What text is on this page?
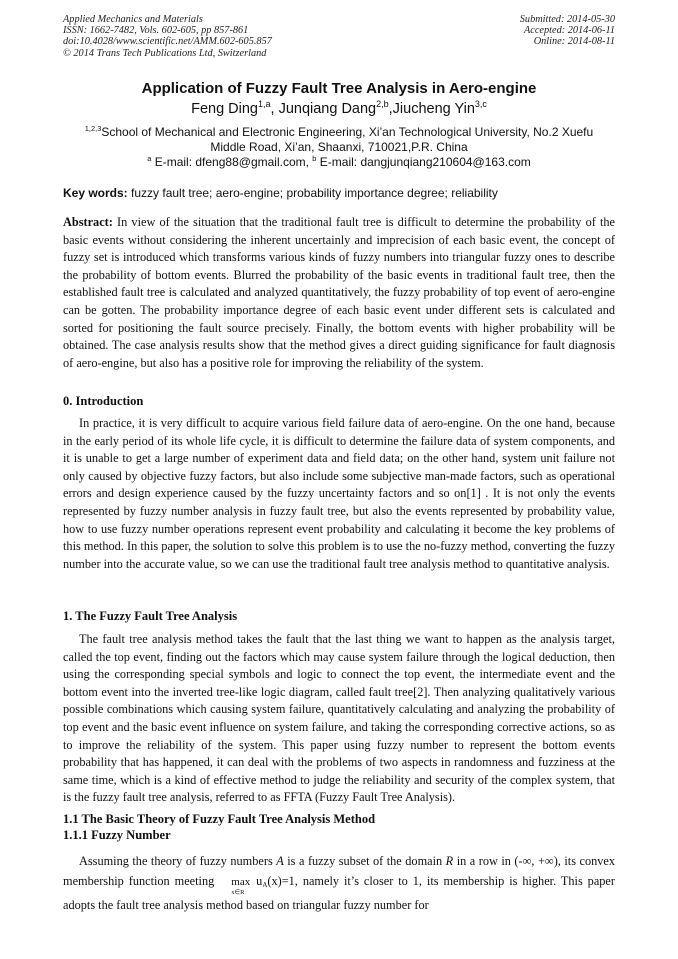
Applied Mechanics and Materials
ISSN: 1662-7482, Vols. 602-605, pp 857-861
doi:10.4028/www.scientific.net/AMM.602-605.857
© 2014 Trans Tech Publications Ltd, Switzerland
Submitted: 2014-05-30
Accepted: 2014-06-11
Online: 2014-08-11
Application of Fuzzy Fault Tree Analysis in Aero-engine
Feng Ding$^{1,a}$, Junqiang Dang$^{2,b}$,Jiucheng Yin$^{3,c}$
$^{1,2,3}$School of Mechanical and Electronic Engineering, Xi’an Technological University, No.2 Xuefu Middle Road, Xi’an, Shaanxi, 710021,P.R. China
$^a$ E-mail: dfeng88@gmail.com, $^b$ E-mail: dangjunqiang210604@163.com
Key words: fuzzy fault tree; aero-engine; probability importance degree; reliability
Abstract: In view of the situation that the traditional fault tree is difficult to determine the probability of the basic events without considering the inherent uncertainly and imprecision of each basic event, the concept of fuzzy set is introduced which transforms various kinds of fuzzy numbers into triangular fuzzy ones to describe the probability of bottom events. Blurred the probability of the basic events in traditional fault tree, then the established fault tree is calculated and analyzed quantitatively, the fuzzy probability of top event of aero-engine can be gotten. The probability importance degree of each basic event under different sets is calculated and sorted for positioning the fault source precisely. Finally, the bottom events with higher probability will be obtained. The case analysis results show that the method gives a direct guiding significance for fault diagnosis of aero-engine, but also has a positive role for improving the reliability of the system.
0. Introduction
In practice, it is very difficult to acquire various field failure data of aero-engine. On the one hand, because in the early period of its whole life cycle, it is difficult to determine the failure data of system components, and it is unable to get a large number of experiment data and field data; on the other hand, system unit failure not only caused by objective fuzzy factors, but also include some subjective man-made factors, such as operational errors and design experience caused by the fuzzy uncertainty factors and so on[1] . It is not only the events represented by fuzzy number analysis in fuzzy fault tree, but also the events represented by probability value, how to use fuzzy number operations represent event probability and calculating it become the key problems of this method. In this paper, the solution to solve this problem is to use the no-fuzzy method, converting the fuzzy number into the accurate value, so we can use the traditional fault tree analysis method to quantitative analysis.
1. The Fuzzy Fault Tree Analysis
The fault tree analysis method takes the fault that the last thing we want to happen as the analysis target, called the top event, finding out the factors which may cause system failure through the logical deduction, then using the corresponding special symbols and logic to connect the top event, the intermediate event and the bottom event into the inverted tree-like logic diagram, called fault tree[2]. Then analyzing qualitatively various possible combinations which causing system failure, quantitatively calculating and analyzing the probability of top event and the basic event influence on system failure, and taking the corresponding corrective actions, so as to improve the reliability of the system. This paper using fuzzy number to represent the bottom events probability that has happened, it can deal with the problems of two aspects in randomness and fuzziness at the same time, which is a kind of effective method to judge the reliability and security of the complex system, that is the fuzzy fault tree analysis, referred to as FFTA (Fuzzy Fault Tree Analysis).
1.1 The Basic Theory of Fuzzy Fault Tree Analysis Method
1.1.1 Fuzzy Number
Assuming the theory of fuzzy numbers A is a fuzzy subset of the domain R in a row in (-∞, +∞), its convex membership function meeting max
x∈R
uA(x)=1, namely it’s closer to 1, its membership is higher. This paper adopts the fault tree analysis method based on triangular fuzzy number for
